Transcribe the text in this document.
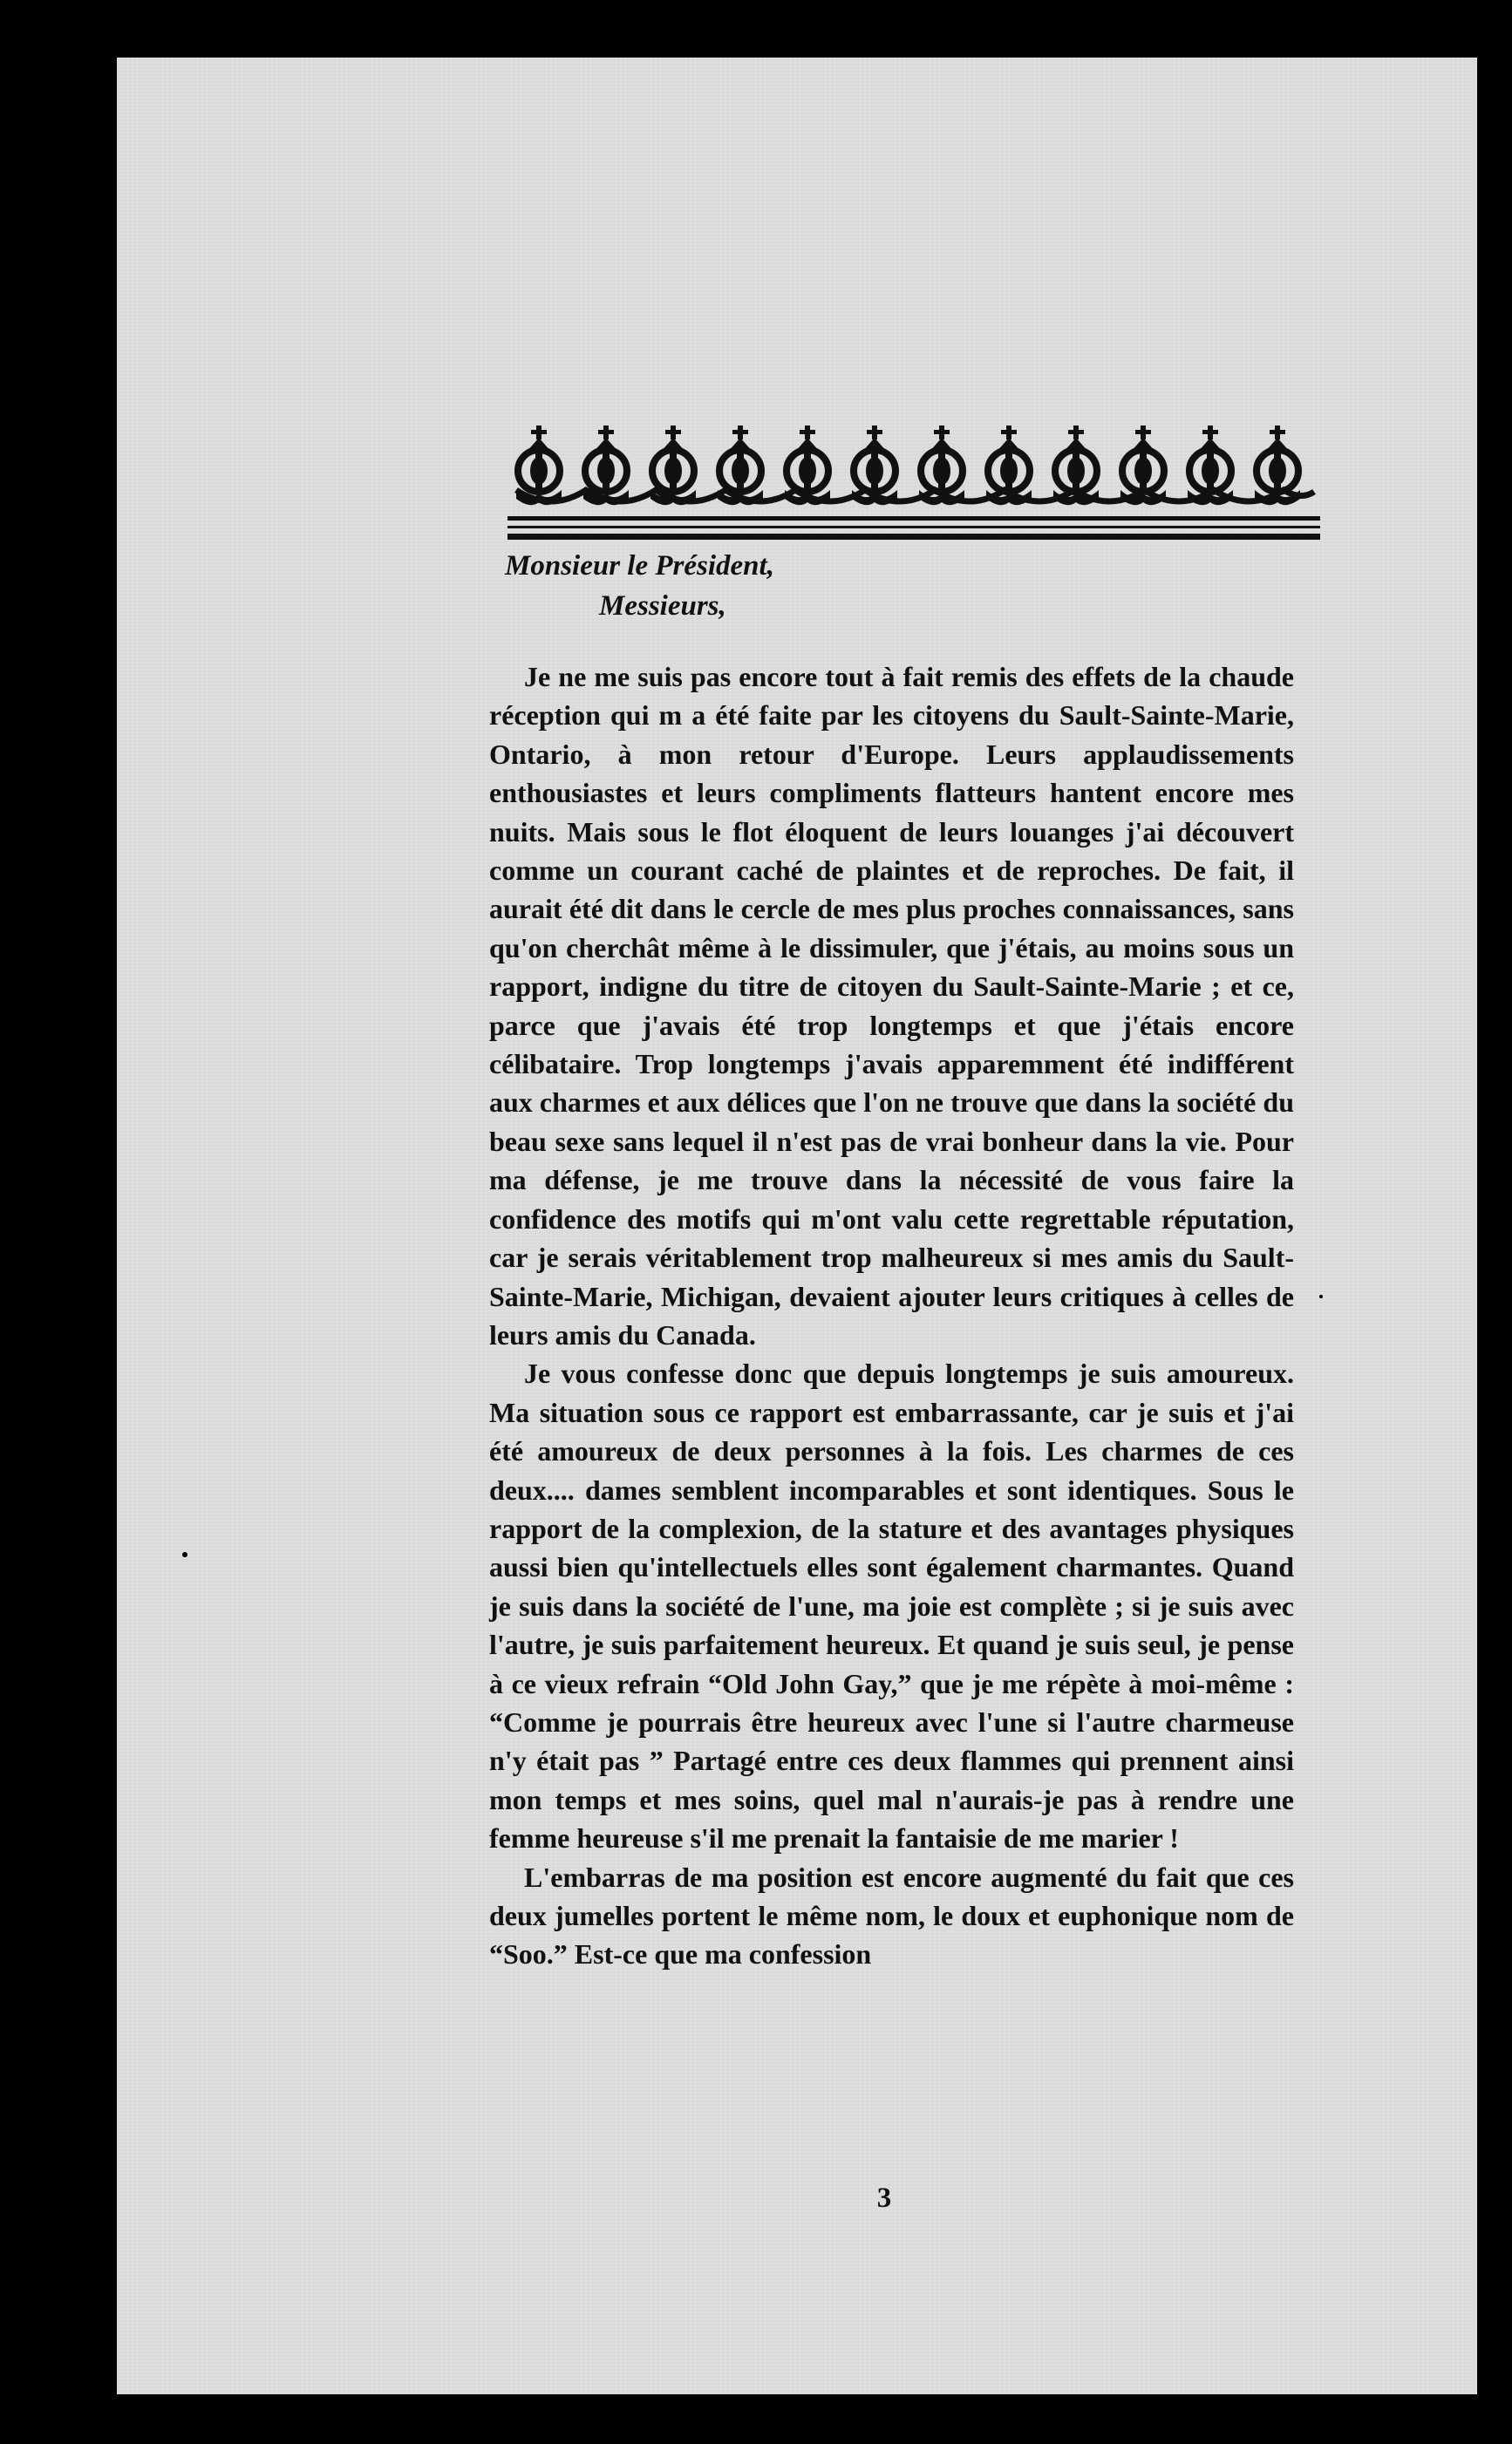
Monsieur le Président,
Messieurs,

Je ne me suis pas encore tout à fait remis des effets de la chaude réception qui m a été faite par les citoyens du Sault-Sainte-Marie, Ontario, à mon retour d'Europe. Leurs applaudissements enthousiastes et leurs compliments flatteurs hantent encore mes nuits. Mais sous le flot éloquent de leurs louanges j'ai découvert comme un courant caché de plaintes et de reproches. De fait, il aurait été dit dans le cercle de mes plus proches connaissances, sans qu'on cherchât même à le dissimuler, que j'étais, au moins sous un rapport, indigne du titre de citoyen du Sault-Sainte-Marie ; et ce, parce que j'avais été trop longtemps et que j'étais encore célibataire. Trop longtemps j'avais apparemment été indifférent aux charmes et aux délices que l'on ne trouve que dans la société du beau sexe sans lequel il n'est pas de vrai bonheur dans la vie. Pour ma défense, je me trouve dans la nécessité de vous faire la confidence des motifs qui m'ont valu cette regrettable réputation, car je serais véritablement trop malheureux si mes amis du Sault-Sainte-Marie, Michigan, devaient ajouter leurs critiques à celles de leurs amis du Canada.

Je vous confesse donc que depuis longtemps je suis amoureux. Ma situation sous ce rapport est embarrassante, car je suis et j'ai été amoureux de deux personnes à la fois. Les charmes de ces deux.... dames semblent incomparables et sont identiques. Sous le rapport de la complexion, de la stature et des avantages physiques aussi bien qu'intellectuels elles sont également charmantes. Quand je suis dans la société de l'une, ma joie est complète ; si je suis avec l'autre, je suis parfaitement heureux. Et quand je suis seul, je pense à ce vieux refrain “Old John Gay,” que je me répète à moi-même : “Comme je pourrais être heureux avec l'une si l'autre charmeuse n'y était pas ” Partagé entre ces deux flammes qui prennent ainsi mon temps et mes soins, quel mal n'aurais-je pas à rendre une femme heureuse s'il me prenait la fantaisie de me marier !

L'embarras de ma position est encore augmenté du fait que ces deux jumelles portent le même nom, le doux et euphonique nom de “Soo.” Est-ce que ma confession

3
